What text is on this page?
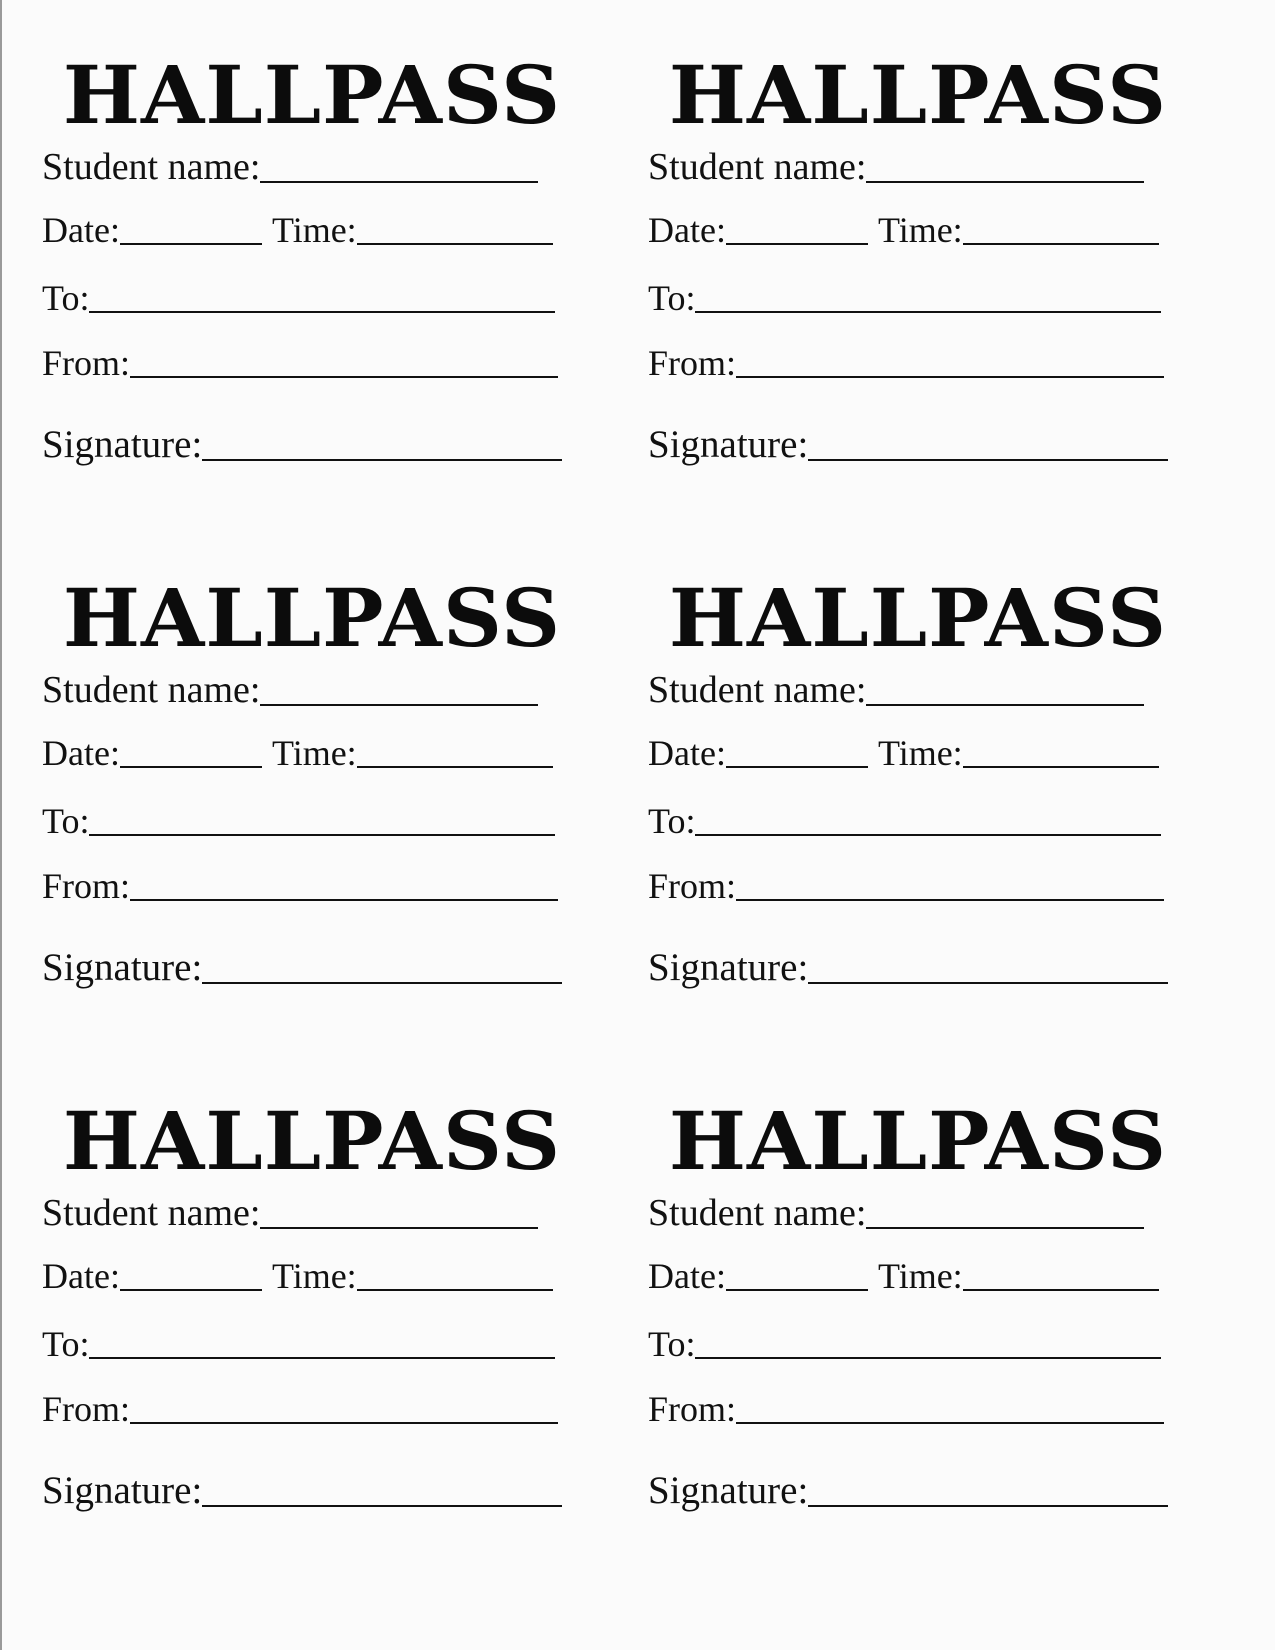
HALLPASS
Student name:
Date:	Time:
To:
From:
Signature:
HALLPASS
Student name:
Date:	Time:
To:
From:
Signature:
HALLPASS
Student name:
Date:	Time:
To:
From:
Signature:
HALLPASS
Student name:
Date:	Time:
To:
From:
Signature:
HALLPASS
Student name:
Date:	Time:
To:
From:
Signature:
HALLPASS
Student name:
Date:	Time:
To:
From:
Signature:
